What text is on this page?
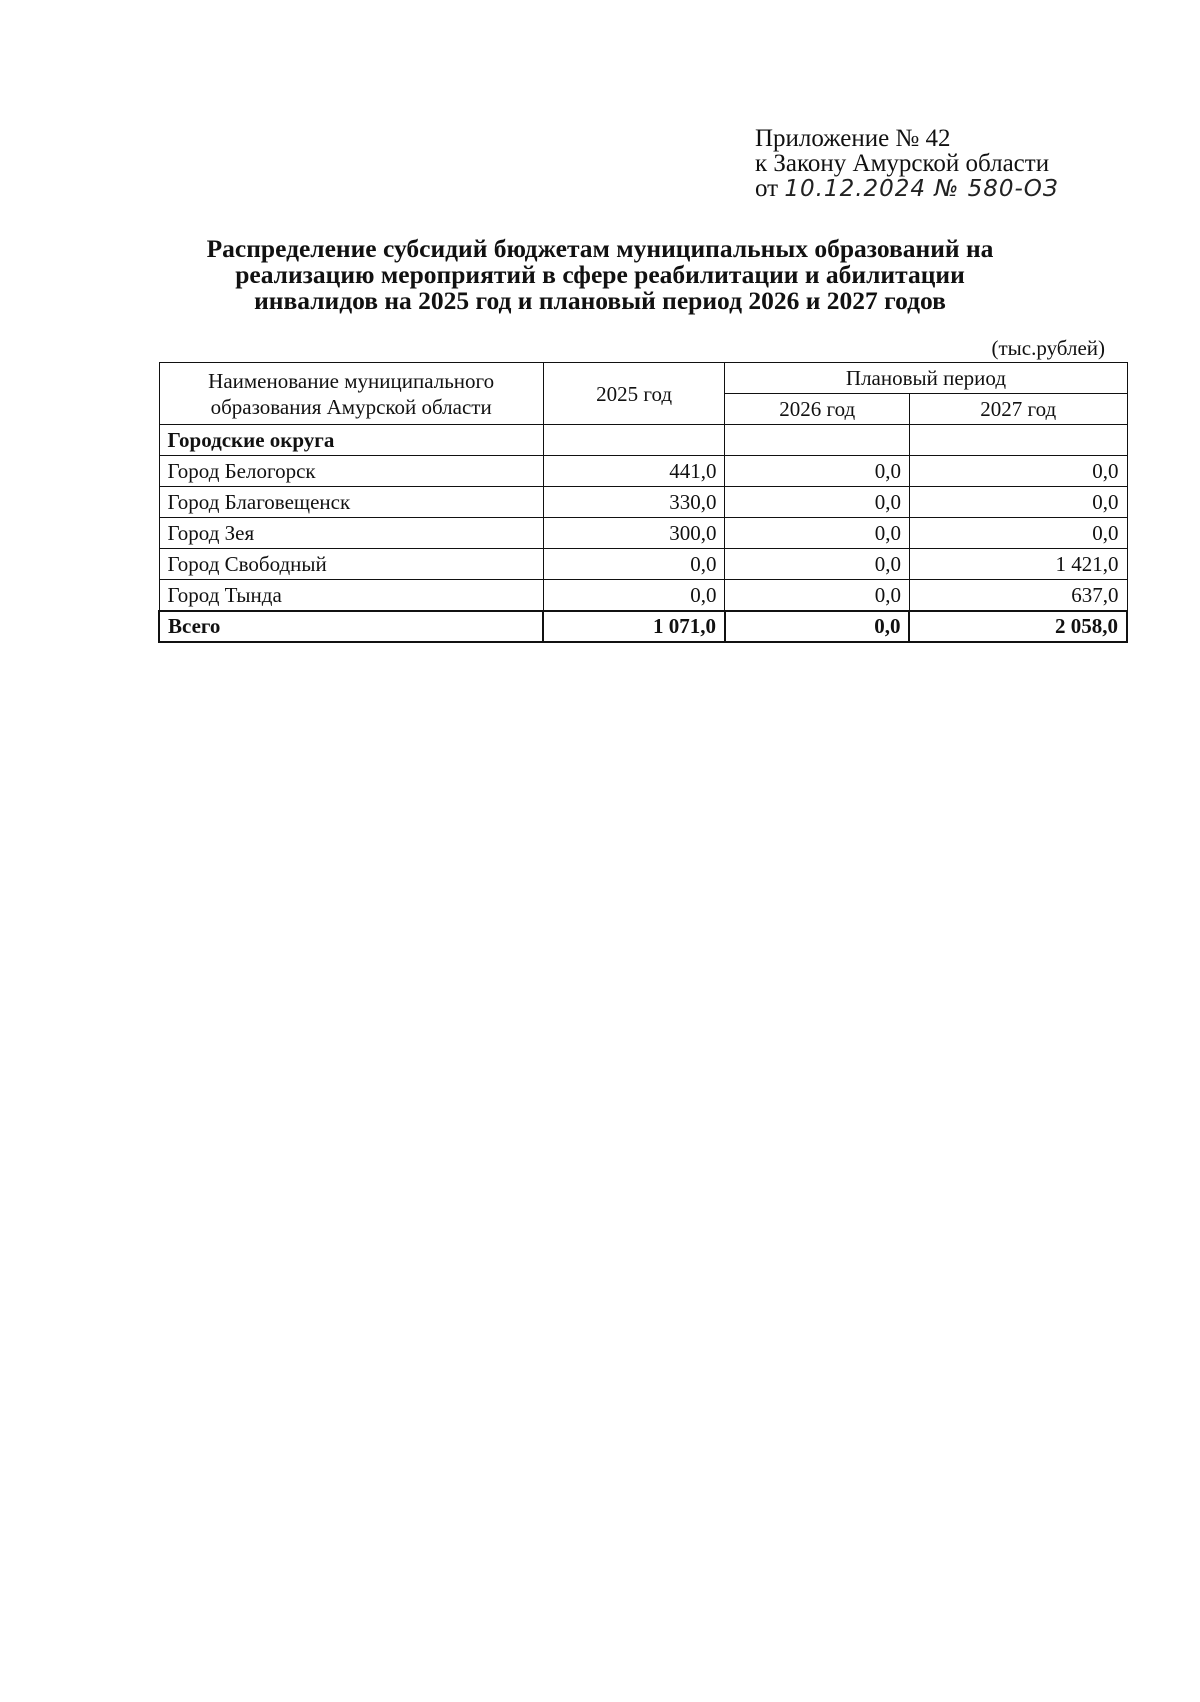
Приложение № 42
к Закону Амурской области
от 10.12.2024 № 580-ОЗ
Распределение субсидий бюджетам муниципальных образований на
реализацию мероприятий в сфере реабилитации и абилитации
инвалидов на 2025 год и плановый период 2026 и 2027 годов
(тыс.рублей)
Наименование муниципального
образования Амурской области	2025 год	Плановый период	
		2026 год	2027 год
Городские округа			
Город Белогорск	441,0	0,0	0,0
Город Благовещенск	330,0	0,0	0,0
Город Зея	300,0	0,0	0,0
Город Свободный	0,0	0,0	1 421,0
Город Тында	0,0	0,0	637,0
Всего	1 071,0	0,0	2 058,0
